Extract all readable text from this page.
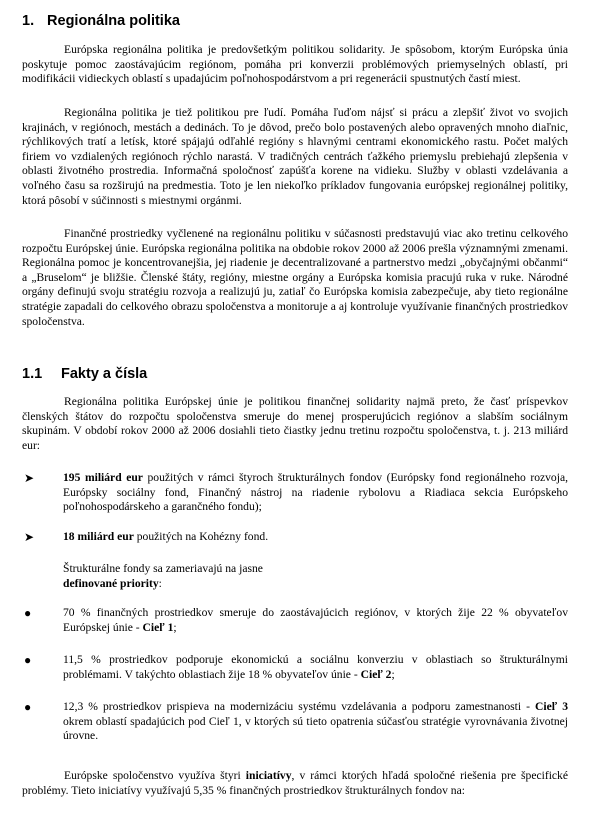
1. Regionálna politika

Európska regionálna politika je predovšetkým politikou solidarity. Je spôsobom, ktorým Európska únia poskytuje pomoc zaostávajúcim regiónom, pomáha pri konverzii problémových priemyselných oblastí, pri modifikácii vidieckych oblastí s upadajúcim poľnohospodárstvom a pri regenerácii spustnutých častí miest.

Regionálna politika je tiež politikou pre ľudí. Pomáha ľuďom nájsť si prácu a zlepšiť život vo svojich krajinách, v regiónoch, mestách a dedinách. To je dôvod, prečo bolo postavených alebo opravených mnoho diaľnic, rýchlikových tratí a letísk, ktoré spájajú odľahlé regióny s hlavnými centrami ekonomického rastu. Počet malých firiem vo vzdialených regiónoch rýchlo narastá. V tradičných centrách ťažkého priemyslu prebiehajú zlepšenia v oblasti životného prostredia. Informačná spoločnosť zapúšťa korene na vidieku. Služby v oblasti vzdelávania a voľného času sa rozširujú na predmestia. Toto je len niekoľko príkladov fungovania európskej regionálnej politiky, ktorá pôsobí v súčinnosti s miestnymi orgánmi.

Finančné prostriedky vyčlenené na regionálnu politiku v súčasnosti predstavujú viac ako tretinu celkového rozpočtu Európskej únie. Európska regionálna politika na obdobie rokov 2000 až 2006 prešla významnými zmenami. Regionálna pomoc je koncentrovanejšia, jej riadenie je decentralizované a partnerstvo medzi „obyčajnými občanmi“ a „Bruselom“ je bližšie. Členské štáty, regióny, miestne orgány a Európska komisia pracujú ruka v ruke. Národné orgány definujú svoju stratégiu rozvoja a realizujú ju, zatiaľ čo Európska komisia zabezpečuje, aby tieto regionálne stratégie zapadali do celkového obrazu spoločenstva a monitoruje a aj kontroluje využívanie finančných prostriedkov spoločenstva.

1.1 Fakty a čísla

Regionálna politika Európskej únie je politikou finančnej solidarity najmä preto, že časť príspevkov členských štátov do rozpočtu spoločenstva smeruje do menej prosperujúcich regiónov a slabším sociálnym skupinám. V období rokov 2000 až 2006 dosiahli tieto čiastky jednu tretinu rozpočtu spoločenstva, t. j. 213 miliárd eur:

➤ 195 miliárd eur použitých v rámci štyroch štrukturálnych fondov (Európsky fond regionálneho rozvoja, Európsky sociálny fond, Finančný nástroj na riadenie rybolovu a Riadiaca sekcia Európskeho poľnohospodárskeho a garančného fondu);

➤ 18 miliárd eur použitých na Kohézny fond.

Štrukturálne fondy sa zameriavajú na jasne

definované priority:

●	70 % finančných prostriedkov smeruje do zaostávajúcich regiónov, v ktorých žije 22 % obyvateľov Európskej únie - Cieľ 1;

●	11,5 % prostriedkov podporuje ekonomickú a sociálnu konverziu v oblastiach so štrukturálnymi problémami. V takýchto oblastiach žije 18 % obyvateľov únie - Cieľ 2;

●	12,3 % prostriedkov prispieva na modernizáciu systému vzdelávania a podporu zamestnanosti - Cieľ 3 okrem oblastí spadajúcich pod Cieľ 1, v ktorých sú tieto opatrenia súčasťou stratégie vyrovnávania životnej úrovne.

Európske spoločenstvo využíva štyri iniciatívy, v rámci ktorých hľadá spoločné riešenia pre špecifické problémy. Tieto iniciatívy využívajú 5,35 % finančných prostriedkov štrukturálnych fondov na:
